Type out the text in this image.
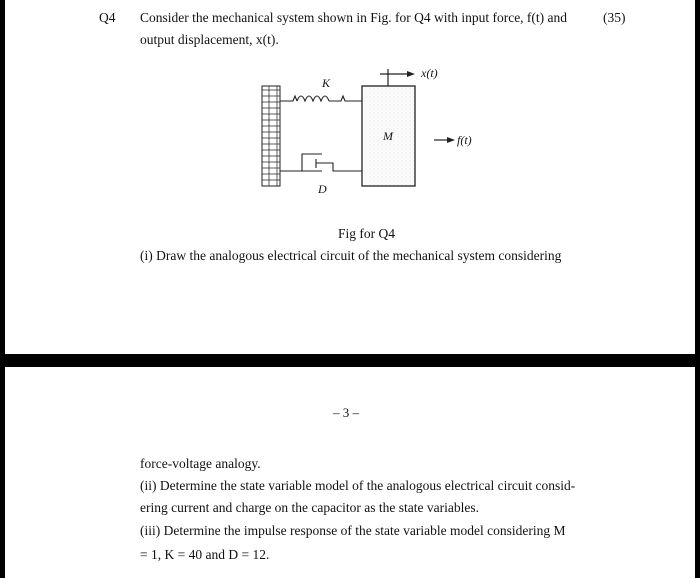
Q4 Consider the mechanical system shown in Fig. for Q4 with input force, f(t) and	(35)
output displacement, x(t).
K
D
M
x(t)
f(t)
Fig for Q4
(i) Draw the analogous electrical circuit of the mechanical system considering
– 3 –
force-voltage analogy.
(ii) Determine the state variable model of the analogous electrical circuit consid-
ering current and charge on the capacitor as the state variables.
(iii) Determine the impulse response of the state variable model considering M
= 1, K = 40 and D = 12.
